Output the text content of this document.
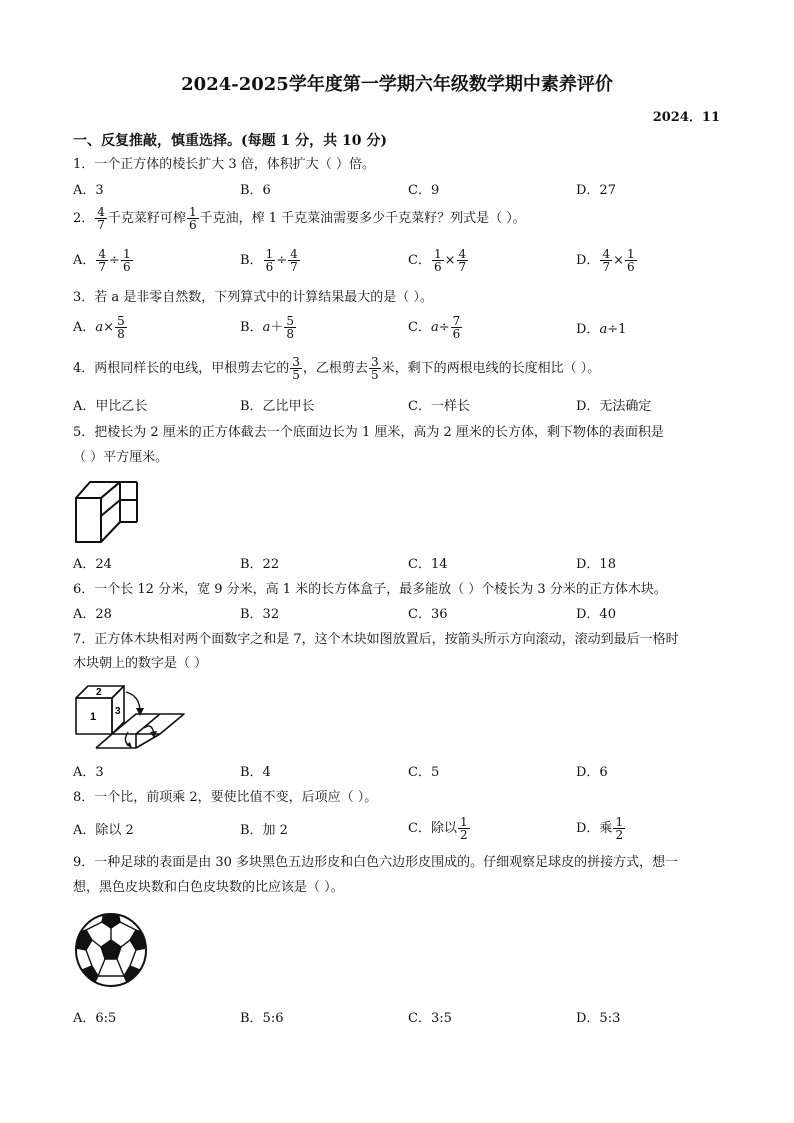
2024-2025学年度第一学期六年级数学期中素养评价
2024．11
一、反复推敲，慎重选择。(每题 1 分，共 10 分)
1．一个正方体的棱长扩大 3 倍，体积扩大（ ）倍。
A．3	B．6	C．9	D．27
2． $\frac{4}{7}$ 千克菜籽可榨 $\frac{1}{6}$ 千克油，榨 1 千克菜油需要多少千克菜籽？列式是（ ）。
A． $\frac{4}{7} \div \frac{1}{6}$	B． $\frac{1}{6} \div \frac{4}{7}$	C． $\frac{1}{6} \times \frac{4}{7}$	D． $\frac{4}{7} \times \frac{1}{6}$
3．若 a 是非零自然数，下列算式中的计算结果最大的是（ ）。
A．$a\times \frac{5}{8}$	B．$a+ \frac{5}{8}$	C．$a\div \frac{7}{6}$	D．a÷1
4．两根同样长的电线，甲根剪去它的 $\frac{3}{5}$ ，乙根剪去 $\frac{3}{5}$ 米，剩下的两根电线的长度相比（ ）。
A．甲比乙长	B．乙比甲长	C．一样长	D．无法确定
5．把棱长为 2 厘米的正方体截去一个底面边长为 1 厘米，高为 2 厘米的长方体，剩下物体的表面积是
（ ）平方厘米。
A．24	B．22	C．14	D．18
6．一个长 12 分米，宽 9 分米，高 1 米的长方体盒子，最多能放（ ）个棱长为 3 分米的正方体木块。
A．28	B．32	C．36	D．40
7．正方体木块相对两个面数字之和是 7，这个木块如图放置后，按箭头所示方向滚动，滚动到最后一格时
木块朝上的数字是（ ）
2
1 3
A．3	B．4	C．5	D．6
8．一个比，前项乘 2，要使比值不变，后项应（ ）。
A．除以 2	B．加 2	C．除以 $\frac{1}{2}$	D．乘 $\frac{1}{2}$
9．一种足球的表面是由 30 多块黑色五边形皮和白色六边形皮围成的。仔细观察足球皮的拼接方式，想一
想，黑色皮块数和白色皮块数的比应该是（ ）。
A．6:5	B．5:6	C．3:5	D．5:3
